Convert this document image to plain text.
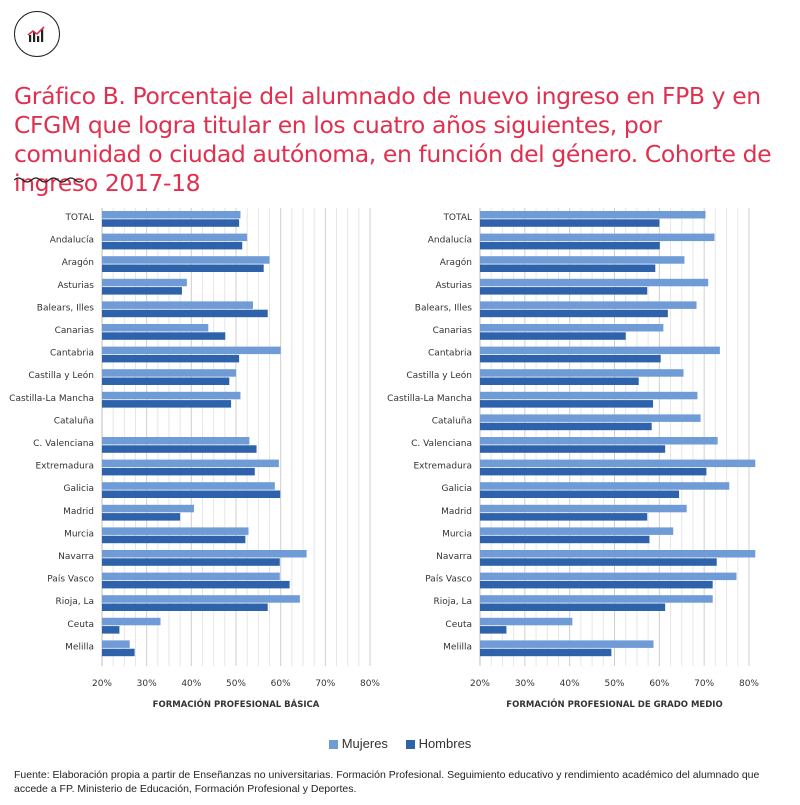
Gráfico B. Porcentaje del alumnado de nuevo ingreso en FPB y en CFGM que logra titular en los cuatro años siguientes, por comunidad o ciudad autónoma, en función del género. Cohorte de ingreso 2017-18
20%	30%	40%	50%	60%	70%	80%
FORMACIÓN PROFESIONAL BÁSICA
TOTAL
Andalucía
Aragón
Asturias
Balears, Illes
Canarias
Cantabria
Castilla y León
Castilla-La Mancha
Cataluña
C. Valenciana
Extremadura
Galicia
Madrid
Murcia
Navarra
País Vasco
Rioja, La
Ceuta
Melilla
20%	30%	40%	50%	60%	70%	80%
FORMACIÓN PROFESIONAL DE GRADO MEDIO
TOTAL
Andalucía
Aragón
Asturias
Balears, Illes
Canarias
Cantabria
Castilla y León
Castilla-La Mancha
Cataluña
C. Valenciana
Extremadura
Galicia
Madrid
Murcia
Navarra
País Vasco
Rioja, La
Ceuta
Melilla
Mujeres Hombres
Fuente: Elaboración propia a partir de Enseñanzas no universitarias. Formación Profesional. Seguimiento educativo y rendimiento académico del alumnado que accede a FP. Ministerio de Educación, Formación Profesional y Deportes.
